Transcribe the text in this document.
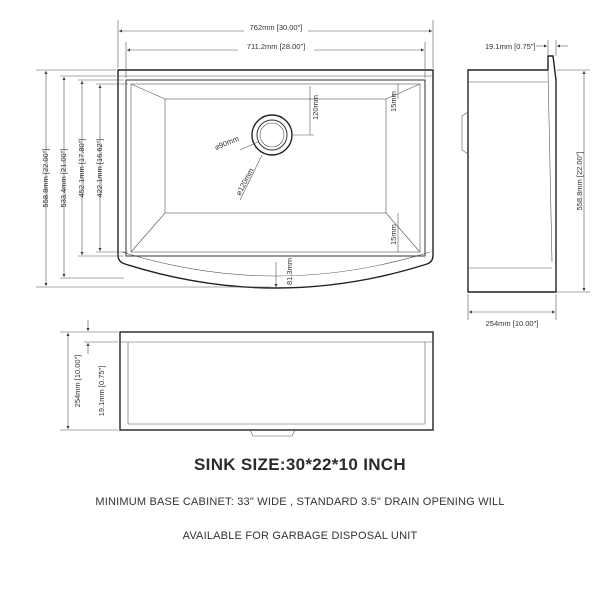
762mm [30.00"]
711.2mm [28.00"]
558.8mm [22.00"] 533.4mm [21.00"] 452.1mm [17.80"] 422.1mm [16.62"]	⌀90mm
⌀120mm
120mm	15mm
15mm
81.3mm
19.1mm [0.75"]
558.8mm [22.00"]
254mm [10.00"]
254mm [10.00"] 19.1mm [0.75"]
SINK SIZE:30*22*10 INCH
MINIMUM BASE CABINET: 33" WIDE , STANDARD 3.5" DRAIN OPENING WILL
AVAILABLE FOR GARBAGE DISPOSAL UNIT
